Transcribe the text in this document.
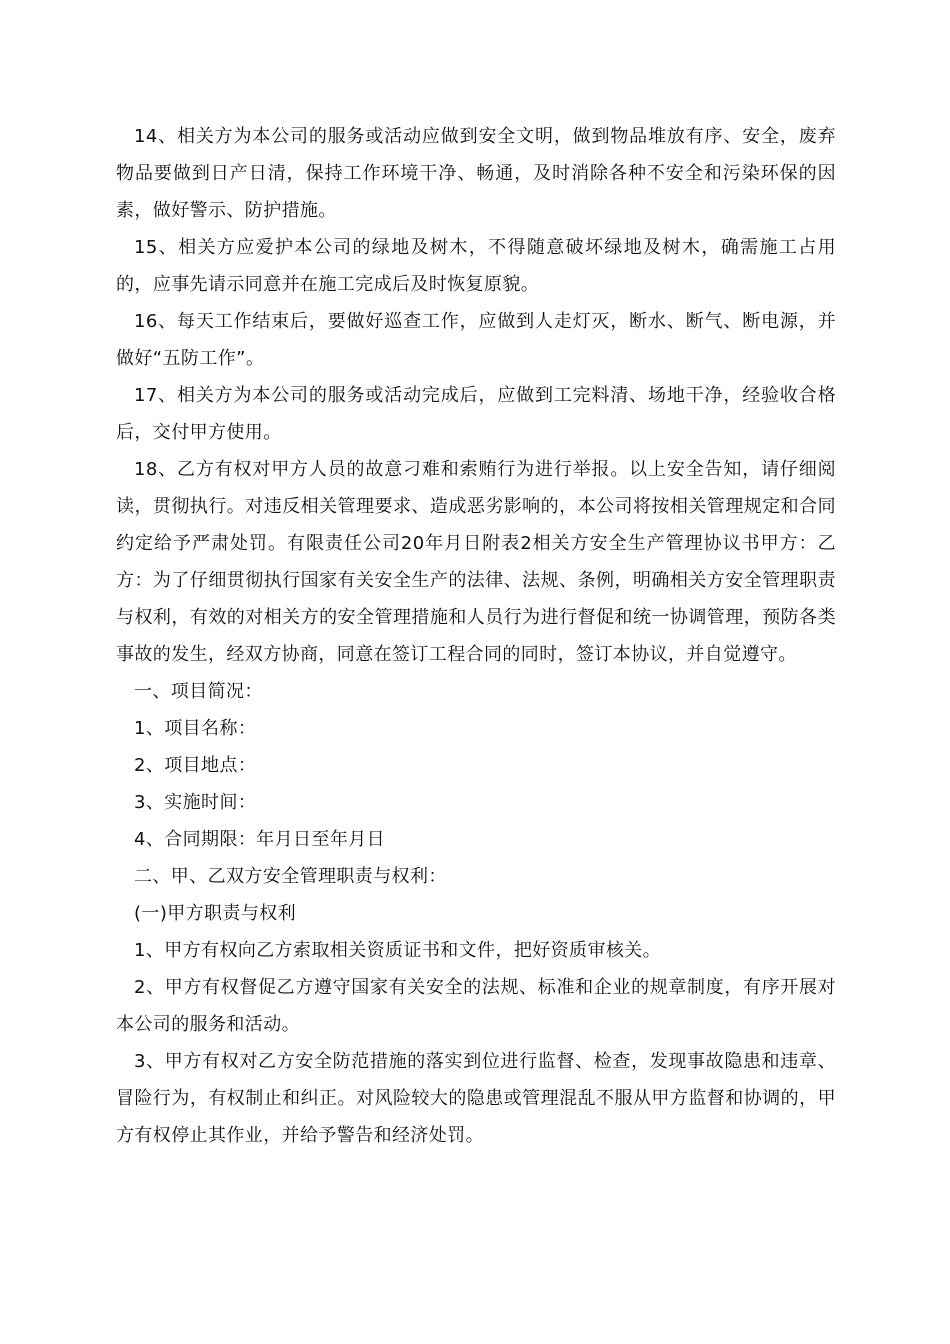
14、相关方为本公司的服务或活动应做到安全文明，做到物品堆放有序、安全，废弃物品要做到日产日清，保持工作环境干净、畅通，及时消除各种不安全和污染环保的因素，做好警示、防护措施。

15、相关方应爱护本公司的绿地及树木，不得随意破坏绿地及树木，确需施工占用的，应事先请示同意并在施工完成后及时恢复原貌。

16、每天工作结束后，要做好巡查工作，应做到人走灯灭，断水、断气、断电源，并做好“五防工作”。

17、相关方为本公司的服务或活动完成后，应做到工完料清、场地干净，经验收合格后，交付甲方使用。

18、乙方有权对甲方人员的故意刁难和索贿行为进行举报。以上安全告知，请仔细阅读，贯彻执行。对违反相关管理要求、造成恶劣影响的，本公司将按相关管理规定和合同约定给予严肃处罚。有限责任公司20年月日附表2相关方安全生产管理协议书甲方：乙方：为了仔细贯彻执行国家有关安全生产的法律、法规、条例，明确相关方安全管理职责与权利，有效的对相关方的安全管理措施和人员行为进行督促和统一协调管理，预防各类事故的发生，经双方协商，同意在签订工程合同的同时，签订本协议，并自觉遵守。

一、项目简况：

1、项目名称：

2、项目地点：

3、实施时间：

4、合同期限：年月日至年月日

二、甲、乙双方安全管理职责与权利：

(一)甲方职责与权利

1、甲方有权向乙方索取相关资质证书和文件，把好资质审核关。

2、甲方有权督促乙方遵守国家有关安全的法规、标准和企业的规章制度，有序开展对本公司的服务和活动。

3、甲方有权对乙方安全防范措施的落实到位进行监督、检查，发现事故隐患和违章、冒险行为，有权制止和纠正。对风险较大的隐患或管理混乱不服从甲方监督和协调的，甲方有权停止其作业，并给予警告和经济处罚。
